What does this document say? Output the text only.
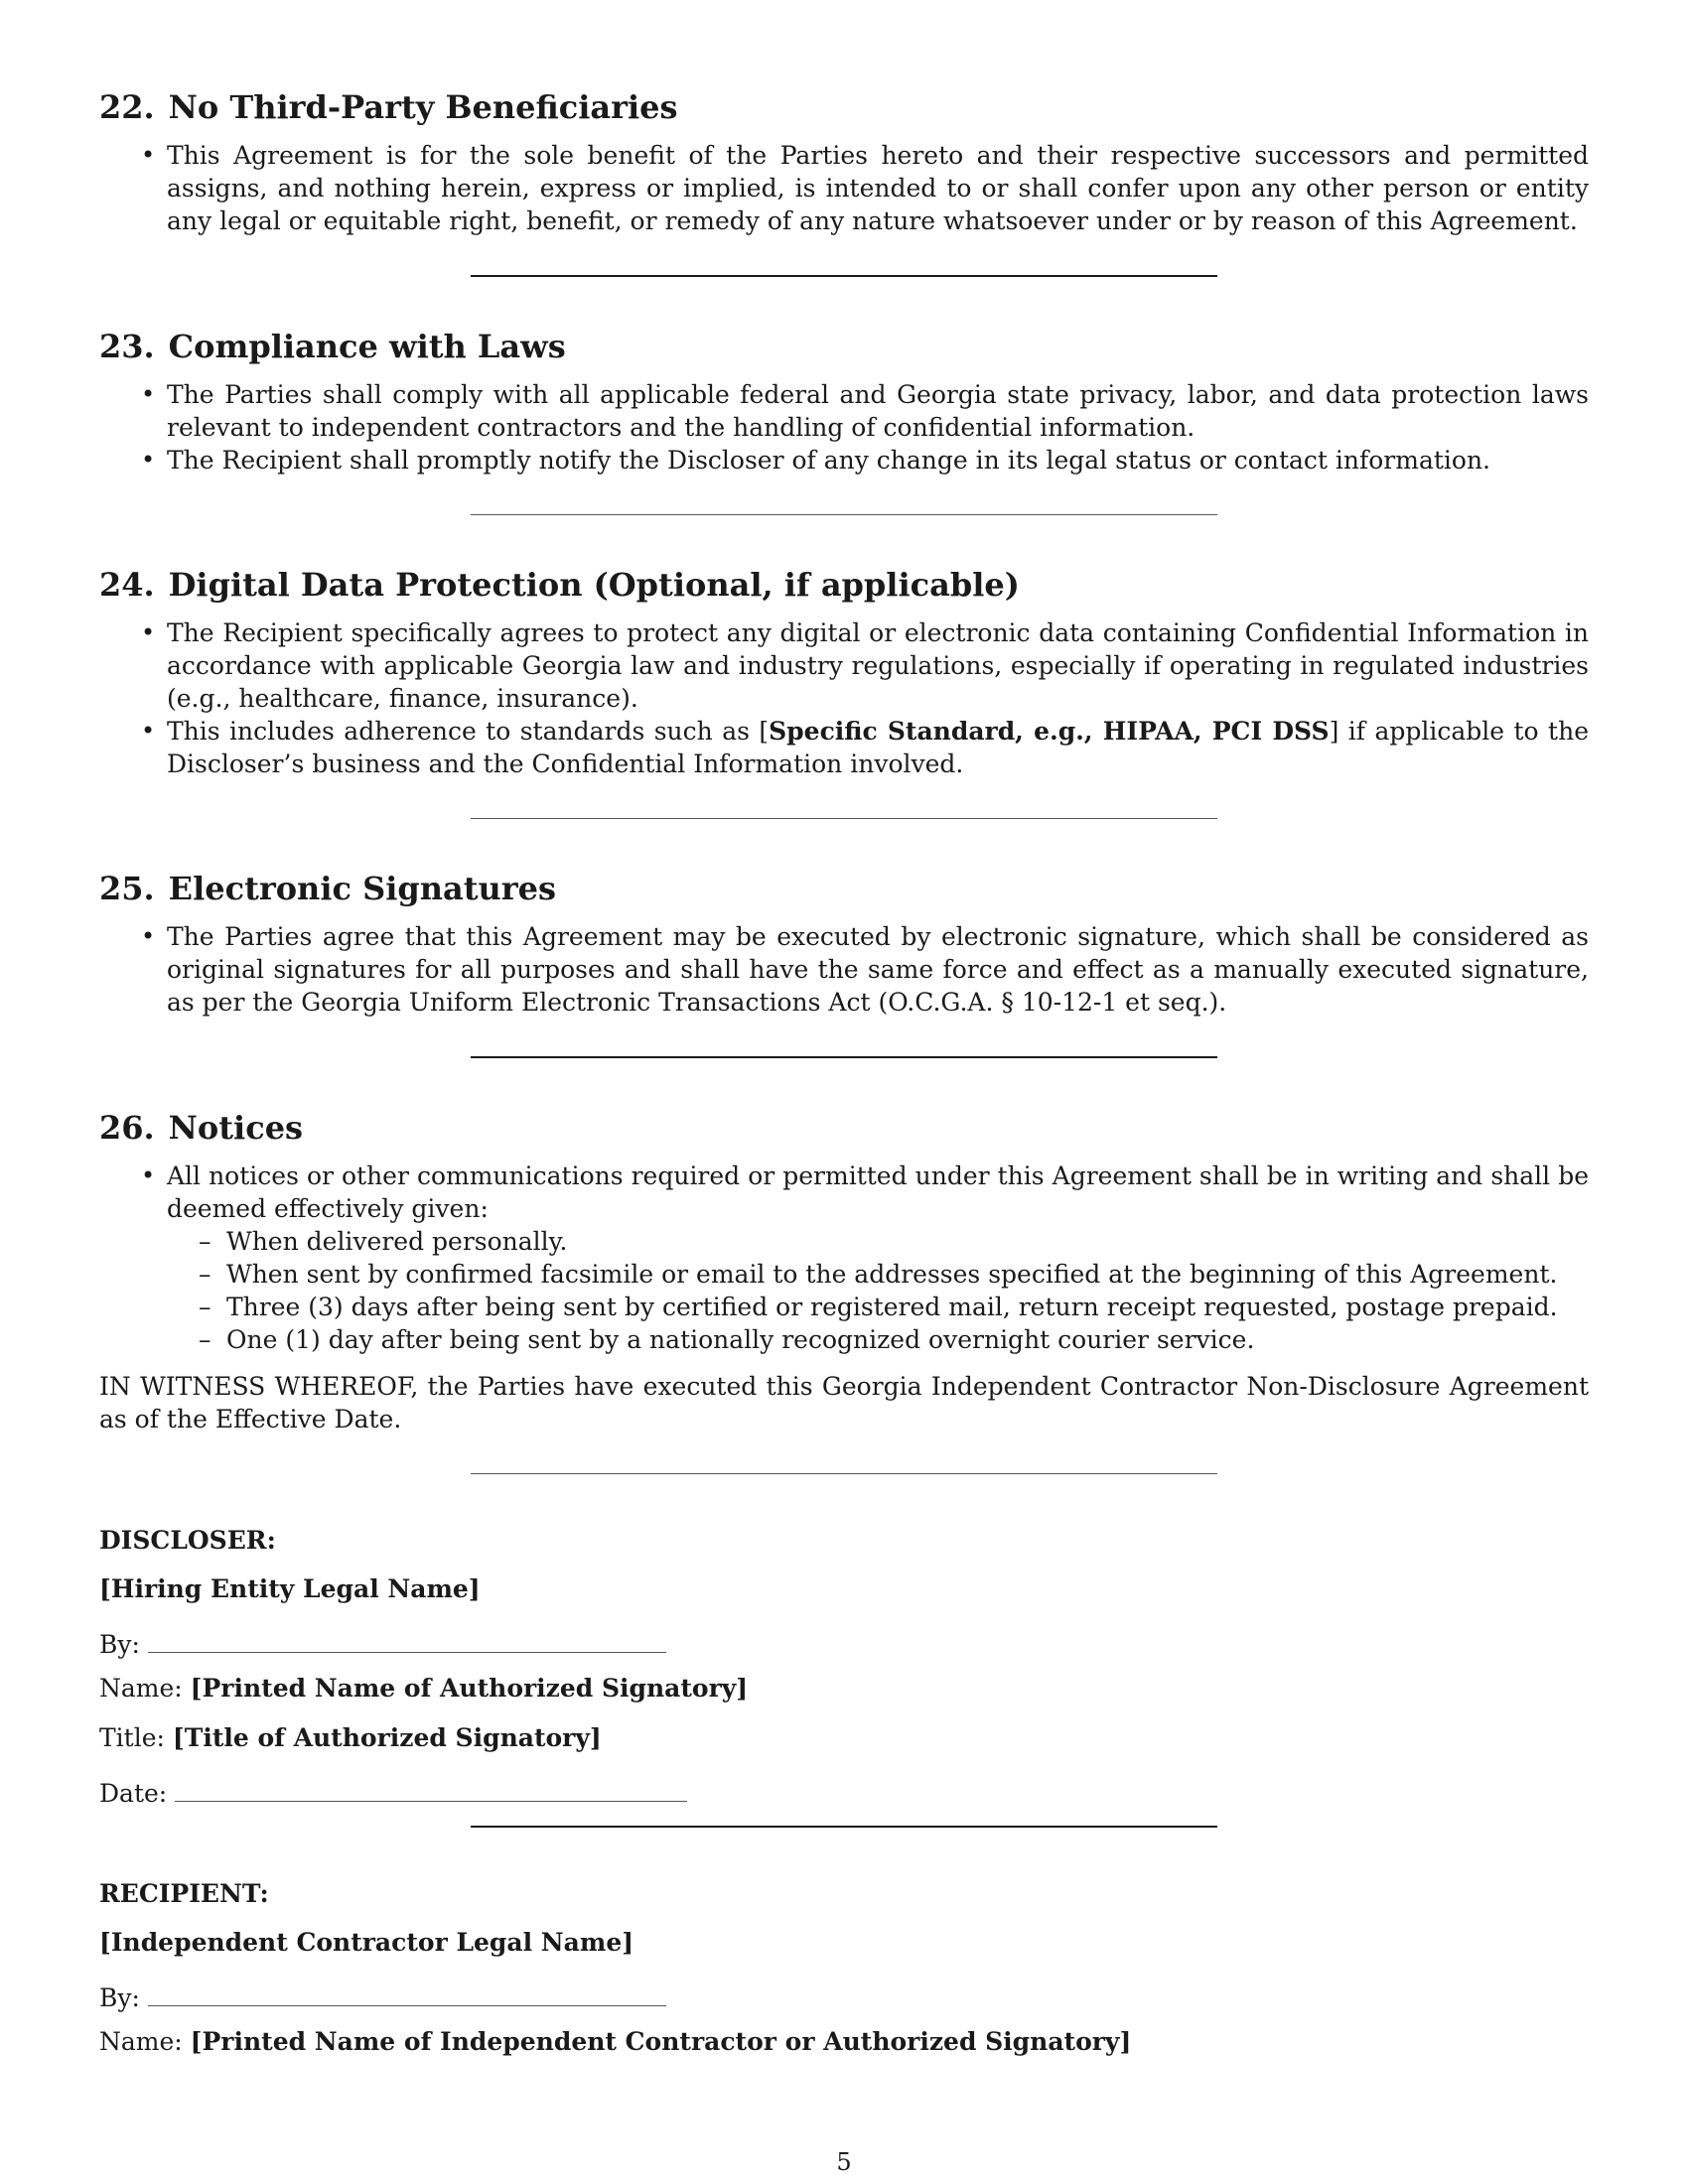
22. No Third-Party Beneficiaries
• This Agreement is for the sole benefit of the Parties hereto and their respective successors and permitted assigns, and nothing herein, express or implied, is intended to or shall confer upon any other person or entity any legal or equitable right, benefit, or remedy of any nature whatsoever under or by reason of this Agreement.
23. Compliance with Laws
• The Parties shall comply with all applicable federal and Georgia state privacy, labor, and data protection laws relevant to independent contractors and the handling of confidential information.
• The Recipient shall promptly notify the Discloser of any change in its legal status or contact information.
24. Digital Data Protection (Optional, if applicable)
• The Recipient specifically agrees to protect any digital or electronic data containing Confidential Information in accordance with applicable Georgia law and industry regulations, especially if operating in regulated industries (e.g., healthcare, finance, insurance).
• This includes adherence to standards such as [Specific Standard, e.g., HIPAA, PCI DSS] if applicable to the Discloser’s business and the Confidential Information involved.
25. Electronic Signatures
• The Parties agree that this Agreement may be executed by electronic signature, which shall be considered as original signatures for all purposes and shall have the same force and effect as a manually executed signature, as per the Georgia Uniform Electronic Transactions Act (O.C.G.A. § 10-12-1 et seq.).
26. Notices
• All notices or other communications required or permitted under this Agreement shall be in writing and shall be deemed effectively given:
– When delivered personally.
– When sent by confirmed facsimile or email to the addresses specified at the beginning of this Agreement.
– Three (3) days after being sent by certified or registered mail, return receipt requested, postage prepaid.
– One (1) day after being sent by a nationally recognized overnight courier service.

IN WITNESS WHEREOF, the Parties have executed this Georgia Independent Contractor Non-Disclosure Agreement as of the Effective Date.

DISCLOSER:
[Hiring Entity Legal Name]
By:
Name: [Printed Name of Authorized Signatory]
Title: [Title of Authorized Signatory]
Date:
RECIPIENT:
[Independent Contractor Legal Name]
By:
Name: [Printed Name of Independent Contractor or Authorized Signatory]
5
